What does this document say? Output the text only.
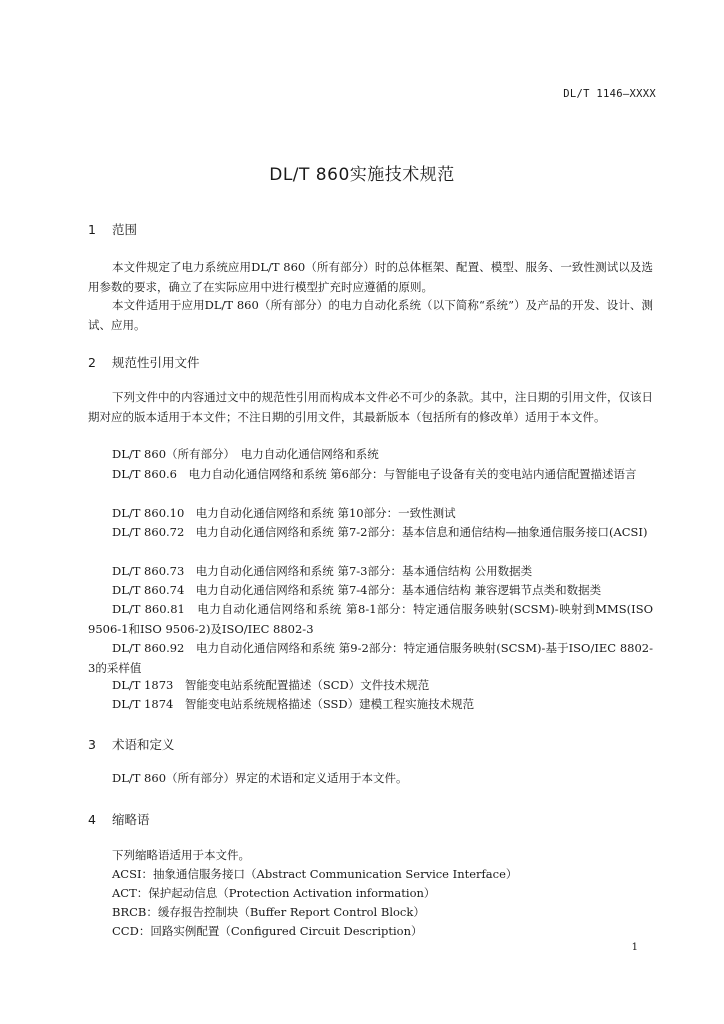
DL/T 1146—XXXX
DL/T 860实施技术规范
1 范围
本文件规定了电力系统应用DL/T 860（所有部分）时的总体框架、配置、模型、服务、一致性测试以及选用参数的要求，确立了在实际应用中进行模型扩充时应遵循的原则。
本文件适用于应用DL/T 860（所有部分）的电力自动化系统（以下简称“系统”）及产品的开发、设计、测试、应用。
2 规范性引用文件
下列文件中的内容通过文中的规范性引用而构成本文件必不可少的条款。其中，注日期的引用文件，仅该日期对应的版本适用于本文件；不注日期的引用文件，其最新版本（包括所有的修改单）适用于本文件。
DL/T 860（所有部分）　电力自动化通信网络和系统
DL/T 860.6　电力自动化通信网络和系统 第6部分：与智能电子设备有关的变电站内通信配置描述语言
DL/T 860.10　电力自动化通信网络和系统 第10部分：一致性测试
DL/T 860.72　电力自动化通信网络和系统 第7-2部分：基本信息和通信结构—抽象通信服务接口(ACSI)
DL/T 860.73　电力自动化通信网络和系统 第7-3部分：基本通信结构 公用数据类
DL/T 860.74　电力自动化通信网络和系统 第7-4部分：基本通信结构 兼容逻辑节点类和数据类
DL/T 860.81　电力自动化通信网络和系统 第8-1部分：特定通信服务映射(SCSM)-映射到MMS(ISO 9506-1和ISO 9506-2)及ISO/IEC 8802-3
DL/T 860.92　电力自动化通信网络和系统 第9-2部分：特定通信服务映射(SCSM)-基于ISO/IEC 8802-3的采样值
DL/T 1873　智能变电站系统配置描述（SCD）文件技术规范
DL/T 1874　智能变电站系统规格描述（SSD）建模工程实施技术规范
3 术语和定义
DL/T 860（所有部分）界定的术语和定义适用于本文件。
4 缩略语
下列缩略语适用于本文件。
ACSI：抽象通信服务接口（Abstract Communication Service Interface）
ACT：保护起动信息（Protection Activation information）
BRCB：缓存报告控制块（Buffer Report Control Block）
CCD：回路实例配置（Configured Circuit Description）
1
